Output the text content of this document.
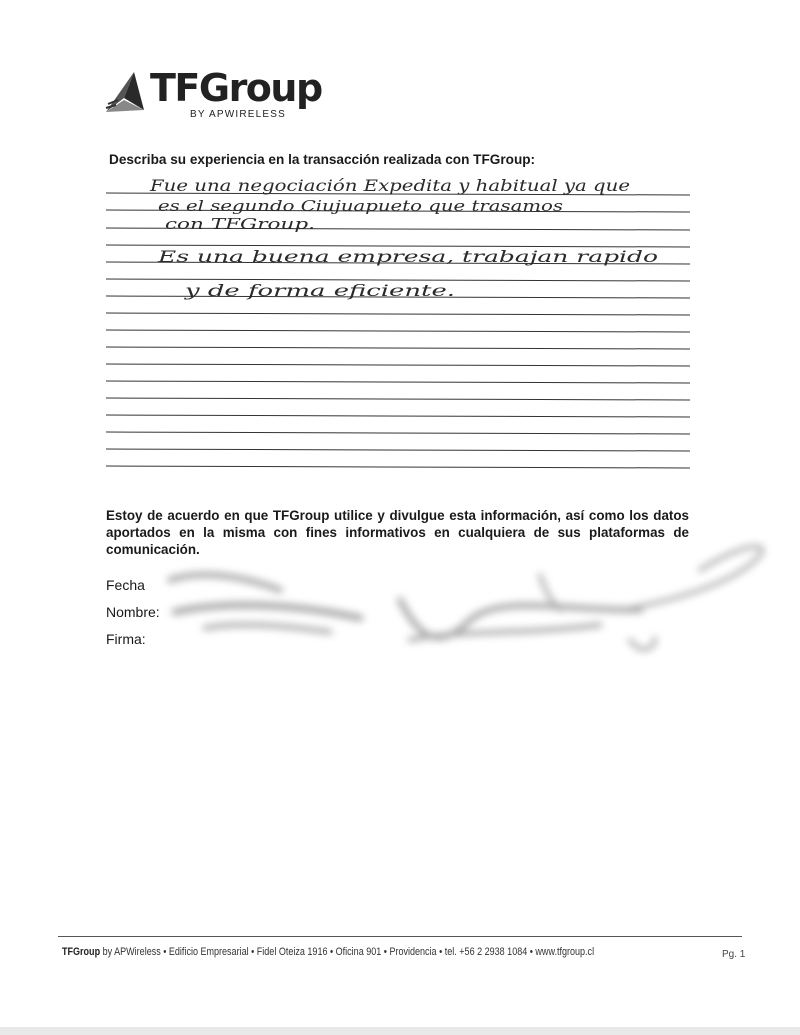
TFGroup
BY APWIRELESS
Describa su experiencia en la transacción realizada con TFGroup:
Fue una negociación Expedita y habitual ya que
es el segundo Ciujuapueto que trasamos
con TFGroup.
Es una buena empresa, trabajan rapido
y de forma eficiente.
Estoy de acuerdo en que TFGroup utilice y divulgue esta información, así como los datos aportados en la misma con fines informativos en cualquiera de sus plataformas de comunicación.
Fecha
Nombre:
Firma:
TFGroup by APWireless • Edificio Empresarial • Fidel Oteiza 1916 • Oficina 901 • Providencia • tel. +56 2 2938 1084 • www.tfgroup.cl	Pg. 1
